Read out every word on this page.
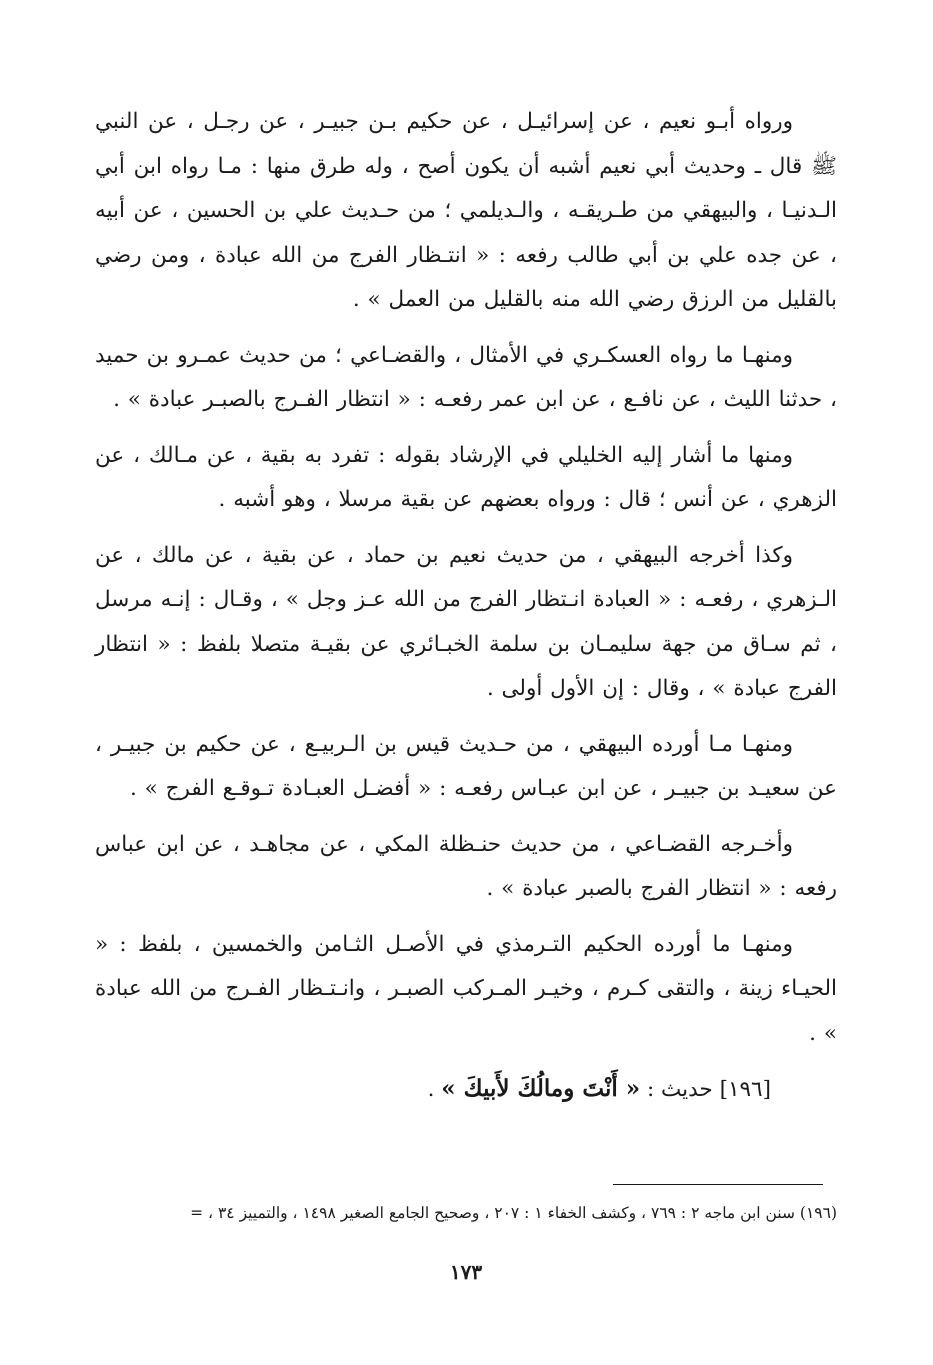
ورواه أبـو نعيم ، عن إسرائيـل ، عن حكيم بـن جبيـر ، عن رجـل ، عن النبي ﷺ قال ـ وحديث أبي نعيم أشبه أن يكون أصح ، وله طرق منها : مـا رواه ابن أبي الـدنيـا ، والبيهقي من طـريقـه ، والـديلمي ؛ من حـديث علي بن الحسين ، عن أبيه ، عن جده علي بن أبي طالب رفعه : « انتـظار الفرج من الله عبادة ، ومن رضي بالقليل من الرزق رضي الله منه بالقليل من العمل » .

ومنهـا ما رواه العسكـري في الأمثال ، والقضـاعي ؛ من حديث عمـرو بن حميد ، حدثنا الليث ، عن نافـع ، عن ابن عمر رفعـه : « انتظار الفـرج بالصبـر عبادة » .

ومنها ما أشار إليه الخليلي في الإرشاد بقوله : تفرد به بقية ، عن مـالك ، عن الزهري ، عن أنس ؛ قال : ورواه بعضهم عن بقية مرسلا ، وهو أشبه .

وكذا أخرجه البيهقي ، من حديث نعيم بن حماد ، عن بقية ، عن مالك ، عن الـزهري ، رفعـه : « العبادة انـتظار الفرج من الله عـز وجل » ، وقـال : إنـه مرسل ، ثم سـاق من جهة سليمـان بن سلمة الخبـائري عن بقيـة متصلا بلفظ : « انتظار الفرج عبادة » ، وقال : إن الأول أولى .

ومنهـا مـا أورده البيهقي ، من حـديث قيس بن الـربيـع ، عن حكيم بن جبيـر ، عن سعيـد بن جبيـر ، عن ابن عبـاس رفعـه : « أفضـل العبـادة تـوقـع الفرج » .

وأخـرجه القضـاعي ، من حديث حنـظلة المكي ، عن مجاهـد ، عن ابن عباس رفعه : « انتظار الفرج بالصبر عبادة » .

ومنهـا ما أورده الحكيم التـرمذي في الأصـل الثـامن والخمسين ، بلفظ : « الحيـاء زينة ، والتقى كـرم ، وخيـر المـركب الصبـر ، وانـتـظار الفـرج من الله عبادة » .

[١٩٦] حديث : « أَنْتَ ومالُكَ لأَبيكَ » .

(١٩٦) سنن ابن ماجه ٢ : ٧٦٩ ، وكشف الخفاء ١ : ٢٠٧ ، وصحيح الجامع الصغير ١٤٩٨ ، والتمييز ٣٤ ، =

١٧٣
